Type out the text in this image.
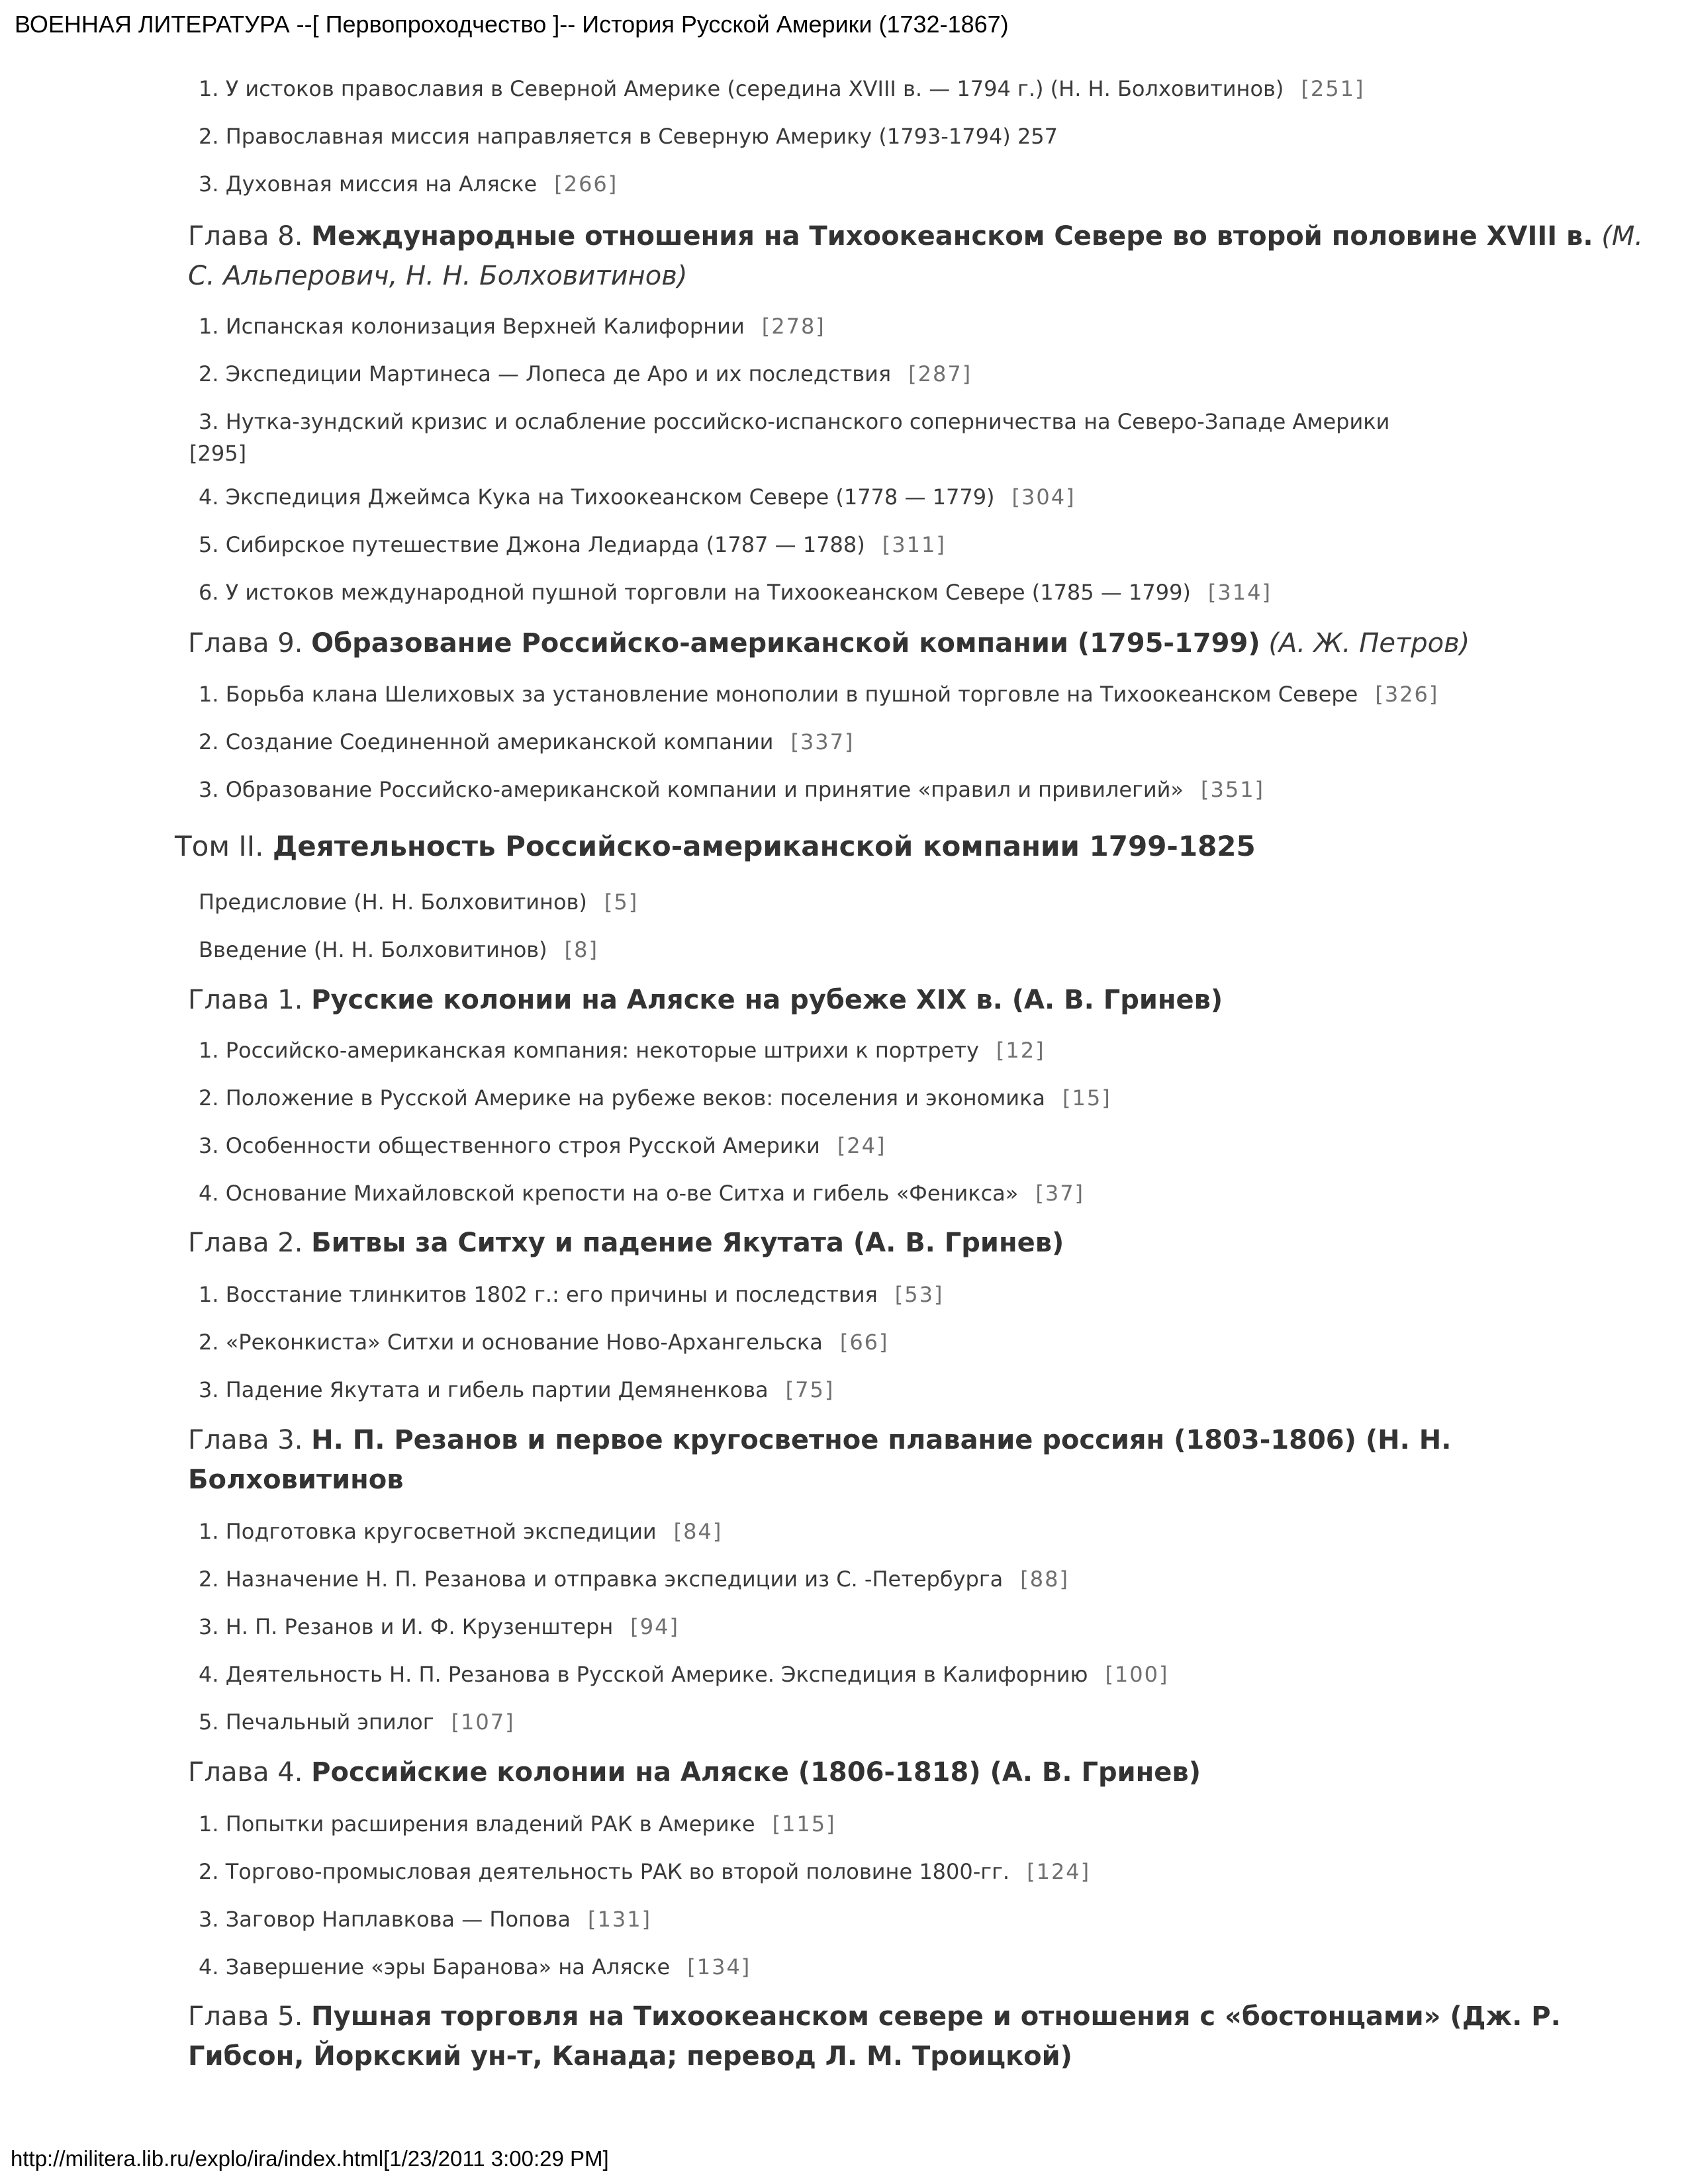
ВОЕННАЯ ЛИТЕРАТУРА --[ Первопроходчество ]-- История Русской Америки (1732-1867)
1. У истоков православия в Северной Америке (середина XVIII в. — 1794 г.) (Н. Н. Болховитинов) [251]
2. Православная миссия направляется в Северную Америку (1793-1794) 257
3. Духовная миссия на Аляске [266]
Глава 8. Международные отношения на Тихоокеанском Севере во второй половине XVIII в. (М.
С. Альперович, Н. Н. Болховитинов)
1. Испанская колонизация Верхней Калифорнии [278]
2. Экспедиции Мартинеса — Лопеса де Аро и их последствия [287]
3. Нутка-зундский кризис и ослабление российско-испанского соперничества на Северо-Западе Америки
[295]
4. Экспедиция Джеймса Кука на Тихоокеанском Севере (1778 — 1779) [304]
5. Сибирское путешествие Джона Ледиарда (1787 — 1788) [311]
6. У истоков международной пушной торговли на Тихоокеанском Севере (1785 — 1799) [314]
Глава 9. Образование Российско-американской компании (1795-1799) (А. Ж. Петров)
1. Борьба клана Шелиховых за установление монополии в пушной торговле на Тихоокеанском Севере [326]
2. Создание Соединенной американской компании [337]
3. Образование Российско-американской компании и принятие «правил и привилегий» [351]
Том II. Деятельность Российско-американской компании 1799-1825
Предисловие (Н. Н. Болховитинов) [5]
Введение (Н. Н. Болховитинов) [8]
Глава 1. Русские колонии на Аляске на рубеже XIX в. (А. В. Гринев)
1. Российско-американская компания: некоторые штрихи к портрету [12]
2. Положение в Русской Америке на рубеже веков: поселения и экономика [15]
3. Особенности общественного строя Русской Америки [24]
4. Основание Михайловской крепости на о-ве Ситха и гибель «Феникса» [37]
Глава 2. Битвы за Ситху и падение Якутата (А. В. Гринев)
1. Восстание тлинкитов 1802 г.: его причины и последствия [53]
2. «Реконкиста» Ситхи и основание Ново-Архангельска [66]
3. Падение Якутата и гибель партии Демяненкова [75]
Глава 3. Н. П. Резанов и первое кругосветное плавание россиян (1803-1806) (Н. Н.
Болховитинов
1. Подготовка кругосветной экспедиции [84]
2. Назначение Н. П. Резанова и отправка экспедиции из С. -Петербурга [88]
3. Н. П. Резанов и И. Ф. Крузенштерн [94]
4. Деятельность Н. П. Резанова в Русской Америке. Экспедиция в Калифорнию [100]
5. Печальный эпилог [107]
Глава 4. Российские колонии на Аляске (1806-1818) (А. В. Гринев)
1. Попытки расширения владений РАК в Америке [115]
2. Торгово-промысловая деятельность РАК во второй половине 1800-гг. [124]
3. Заговор Наплавкова — Попова [131]
4. Завершение «эры Баранова» на Аляске [134]
Глава 5. Пушная торговля на Тихоокеанском севере и отношения с «бостонцами» (Дж. Р.
Гибсон, Йоркский ун-т, Канада; перевод Л. М. Троицкой)
http://militera.lib.ru/explo/ira/index.html[1/23/2011 3:00:29 PM]
